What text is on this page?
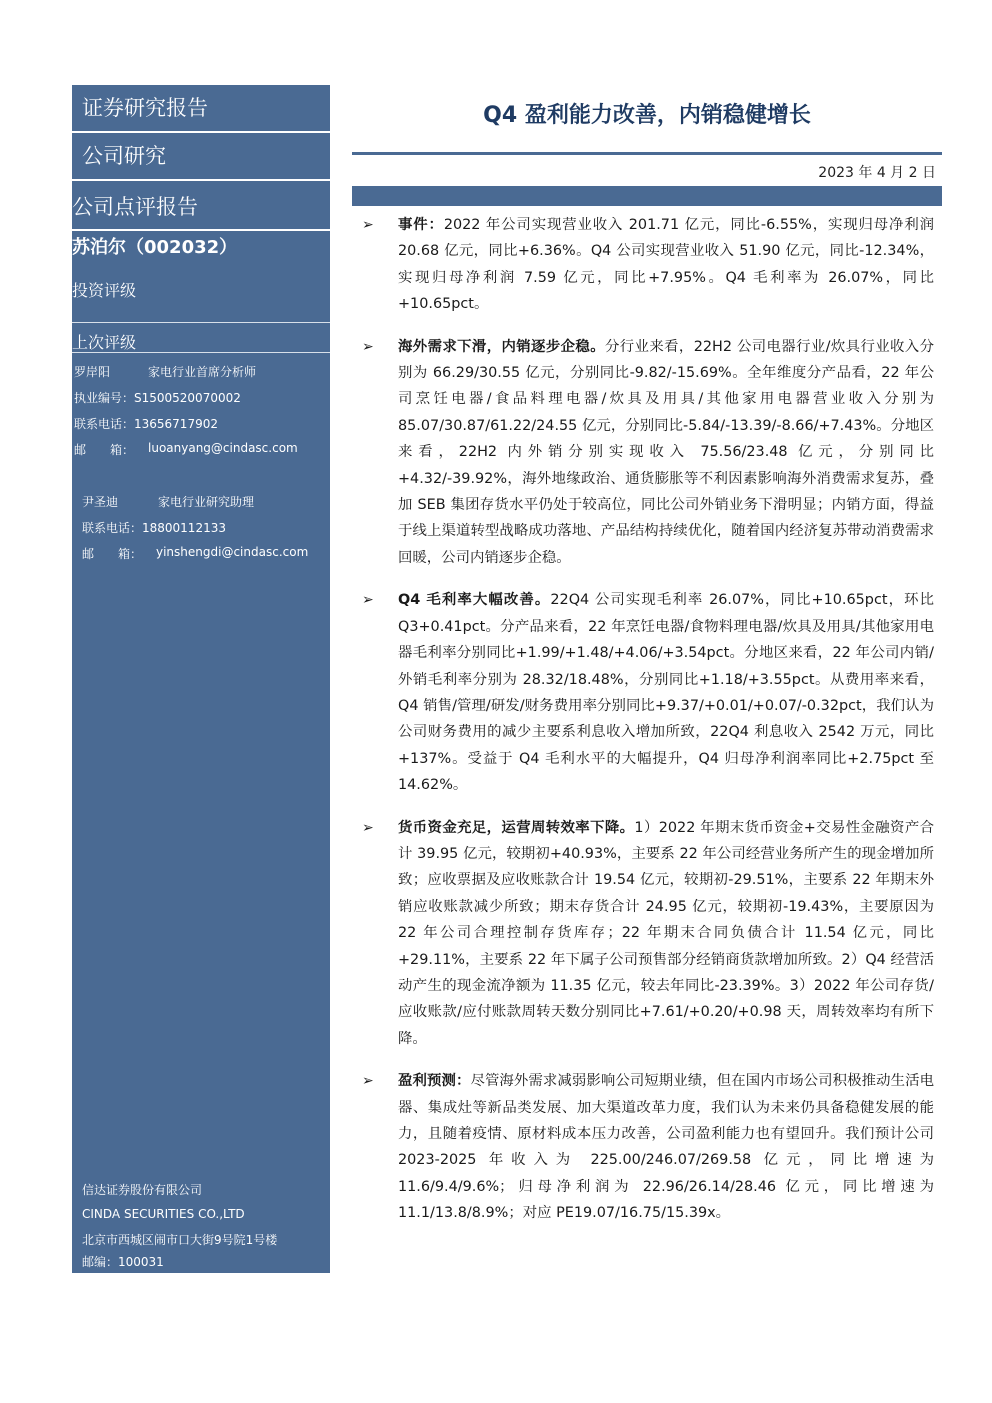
证券研究报告
公司研究
公司点评报告
苏泊尔（002032）
投资评级
上次评级
罗岸阳	家电行业首席分析师
执业编号：S1500520070002
联系电话：13656717902
邮　　箱： luoanyang@cindasc.com
尹圣迪	家电行业研究助理
联系电话：18800112133
邮　　箱： yinshengdi@cindasc.com
信达证券股份有限公司
CINDA SECURITIES CO.,LTD
北京市西城区闹市口大街9号院1号楼
邮编：100031
Q4 盈利能力改善，内销稳健增长
2023 年 4 月 2 日
➢ 事件：2022 年公司实现营业收入 201.71 亿元，同比-6.55%，实现归母净利润 20.68 亿元，同比+6.36%。Q4 公司实现营业收入 51.90 亿元，同比-12.34%，实现归母净利润 7.59 亿元，同比+7.95%。Q4 毛利率为 26.07%，同比+10.65pct。
➢ 海外需求下滑，内销逐步企稳。分行业来看，22H2 公司电器行业/炊具行业收入分别为 66.29/30.55 亿元，分别同比-9.82/-15.69%。全年维度分产品看，22 年公司烹饪电器/食品料理电器/炊具及用具/其他家用电器营业收入分别为 85.07/30.87/61.22/24.55 亿元，分别同比-5.84/-13.39/-8.66/+7.43%。分地区来看，22H2 内外销分别实现收入 75.56/23.48 亿元，分别同比+4.32/-39.92%，海外地缘政治、通货膨胀等不利因素影响海外消费需求复苏，叠加 SEB 集团存货水平仍处于较高位，同比公司外销业务下滑明显；内销方面，得益于线上渠道转型战略成功落地、产品结构持续优化，随着国内经济复苏带动消费需求回暖，公司内销逐步企稳。
➢ Q4 毛利率大幅改善。22Q4 公司实现毛利率 26.07%，同比+10.65pct，环比 Q3+0.41pct。分产品来看，22 年烹饪电器/食物料理电器/炊具及用具/其他家用电器毛利率分别同比+1.99/+1.48/+4.06/+3.54pct。分地区来看，22 年公司内销/外销毛利率分别为 28.32/18.48%，分别同比+1.18/+3.55pct。从费用率来看，Q4 销售/管理/研发/财务费用率分别同比+9.37/+0.01/+0.07/-0.32pct，我们认为公司财务费用的减少主要系利息收入增加所致，22Q4 利息收入 2542 万元，同比+137%。受益于 Q4 毛利水平的大幅提升，Q4 归母净利润率同比+2.75pct 至 14.62%。
➢ 货币资金充足，运营周转效率下降。1）2022 年期末货币资金+交易性金融资产合计 39.95 亿元，较期初+40.93%，主要系 22 年公司经营业务所产生的现金增加所致；应收票据及应收账款合计 19.54 亿元，较期初-29.51%，主要系 22 年期末外销应收账款减少所致；期末存货合计 24.95 亿元，较期初-19.43%，主要原因为 22 年公司合理控制存货库存；22 年期末合同负债合计 11.54 亿元，同比+29.11%，主要系 22 年下属子公司预售部分经销商货款增加所致。2）Q4 经营活动产生的现金流净额为 11.35 亿元，较去年同比-23.39%。3）2022 年公司存货/应收账款/应付账款周转天数分别同比+7.61/+0.20/+0.98 天，周转效率均有所下降。
➢ 盈利预测：尽管海外需求减弱影响公司短期业绩，但在国内市场公司积极推动生活电器、集成灶等新品类发展、加大渠道改革力度，我们认为未来仍具备稳健发展的能力，且随着疫情、原材料成本压力改善，公司盈利能力也有望回升。我们预计公司 2023-2025 年收入为 225.00/246.07/269.58 亿元，同比增速为 11.6/9.4/9.6%；归母净利润为 22.96/26.14/28.46 亿元，同比增速为 11.1/13.8/8.9%；对应 PE19.07/16.75/15.39x。
